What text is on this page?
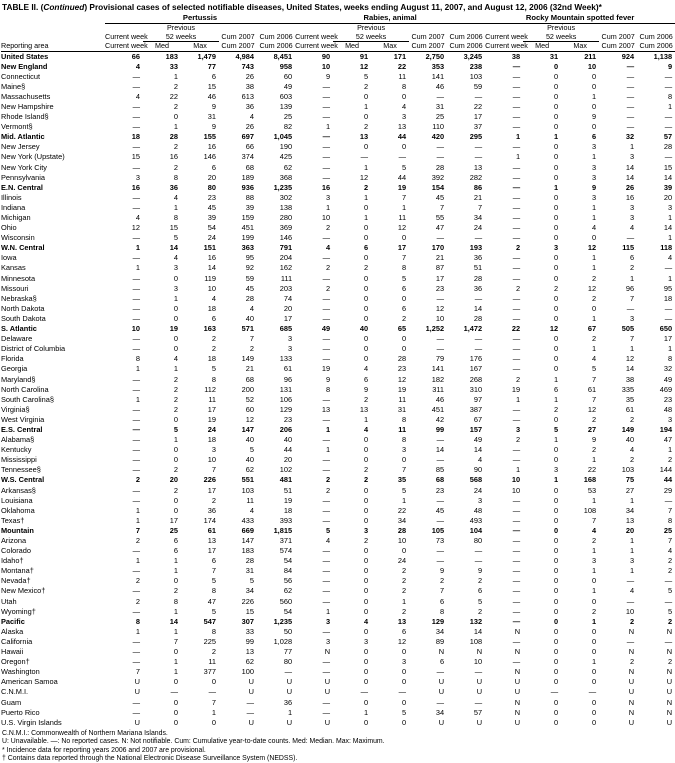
TABLE II. (Continued) Provisional cases of selected notifiable diseases, United States, weeks ending August 11, 2007, and August 12, 2006 (32nd Week)*
	Pertussis					Rabies, animal					Rocky Mountain spotted fever				
		Previous					Previous					Previous			
	Current week	52 weeks		Cum 2007	Cum 2006	Current week	52 weeks		Cum 2007	Cum 2006	Current week	52 weeks		Cum 2007	Cum 2006
Reporting area	Current week	Med	Max	Cum 2007	Cum 2006	Current week	Med	Max	Cum 2007	Cum 2006	Current week	Med	Max	Cum 2007	Cum 2006
United States	66	183	1,479	4,984	8,451	90	91	171	2,750	3,245	38	31	211	924	1,138
New England	4	33	77	743	958	10	12	22	353	238	—	0	10	—	9
Connecticut	—	1	6	26	60	9	5	11	141	103	—	0	0	—	—
Maine§	—	2	15	38	49	—	2	8	46	59	—	0	0	—	—
Massachusetts	4	22	46	613	603	—	0	0	—	—	—	0	1	—	8
New Hampshire	—	2	9	36	139	—	1	4	31	22	—	0	0	—	1
Rhode Island§	—	0	31	4	25	—	0	3	25	17	—	0	9	—	—
Vermont§	—	1	9	26	82	1	2	13	110	37	—	0	0	—	—
Mid. Atlantic	18	28	155	697	1,045	—	13	44	420	295	1	1	6	32	57
New Jersey	—	2	16	66	190	—	0	0	—	—	—	0	3	1	28
New York (Upstate)	15	16	146	374	425	—	—	—	—	—	1	0	1	3	—
New York City	—	2	6	68	62	—	1	5	28	13	—	0	3	14	15
Pennsylvania	3	8	20	189	368	—	12	44	392	282	—	0	3	14	14
E.N. Central	16	36	80	936	1,235	16	2	19	154	86	—	1	9	26	39
Illinois	—	4	23	88	302	3	1	7	45	21	—	0	3	16	20
Indiana	—	1	45	39	138	1	0	1	7	7	—	0	1	3	3
Michigan	4	8	39	159	280	10	1	11	55	34	—	0	1	3	1
Ohio	12	15	54	451	369	2	0	12	47	24	—	0	4	4	14
Wisconsin	—	5	24	199	146	—	0	0	—	—	—	0	0	—	1
W.N. Central	1	14	151	363	791	4	6	17	170	193	2	3	12	115	118
Iowa	—	4	16	95	204	—	0	7	21	36	—	0	1	6	4
Kansas	1	3	14	92	162	2	2	8	87	51	—	0	1	2	—
Minnesota	—	0	119	59	111	—	0	5	17	28	—	0	2	1	1
Missouri	—	3	10	45	203	2	0	6	23	36	2	2	12	96	95
Nebraska§	—	1	4	28	74	—	0	0	—	—	—	0	2	7	18
North Dakota	—	0	18	4	20	—	0	6	12	14	—	0	0	—	—
South Dakota	—	0	6	40	17	—	0	2	10	28	—	0	1	3	—
S. Atlantic	10	19	163	571	685	49	40	65	1,252	1,472	22	12	67	505	650
Delaware	—	0	2	7	3	—	0	0	—	—	—	0	2	7	17
District of Columbia	—	0	2	2	3	—	0	0	—	—	—	0	1	1	1
Florida	8	4	18	149	133	—	0	28	79	176	—	0	4	12	8
Georgia	1	1	5	21	61	19	4	23	141	167	—	0	5	14	32
Maryland§	—	2	8	68	96	9	6	12	182	268	2	1	7	38	49
North Carolina	—	2	112	200	131	8	9	19	311	310	19	6	61	335	469
South Carolina§	1	2	11	52	106	—	2	11	46	97	1	1	7	35	23
Virginia§	—	2	17	60	129	13	13	31	451	387	—	2	12	61	48
West Virginia	—	0	19	12	23	—	1	8	42	67	—	0	2	2	3
E.S. Central	—	5	24	147	206	1	4	11	99	157	3	5	27	149	194
Alabama§	—	1	18	40	40	—	0	8	—	49	2	1	9	40	47
Kentucky	—	0	3	5	44	1	0	3	14	14	—	0	2	4	1
Mississippi	—	0	10	40	20	—	0	0	—	4	—	0	1	2	2
Tennessee§	—	2	7	62	102	—	2	7	85	90	1	3	22	103	144
W.S. Central	2	20	226	551	481	2	2	35	68	568	10	1	168	75	44
Arkansas§	—	2	17	103	51	2	0	5	23	24	10	0	53	27	29
Louisiana	—	0	2	11	19	—	0	1	—	3	—	0	1	1	—
Oklahoma	1	0	36	4	18	—	0	22	45	48	—	0	108	34	7
Texas†	1	17	174	433	393	—	0	34	—	493	—	0	7	13	8
Mountain	7	25	61	669	1,815	5	3	28	105	104	—	0	4	20	25
Arizona	2	6	13	147	371	4	2	10	73	80	—	0	2	1	7
Colorado	—	6	17	183	574	—	0	0	—	—	—	0	1	1	4
Idaho†	1	1	6	28	54	—	0	24	—	—	—	0	3	3	2
Montana†	—	1	7	31	84	—	0	2	9	9	—	0	1	1	2
Nevada†	2	0	5	5	56	—	0	2	2	2	—	0	0	—	—
New Mexico†	—	2	8	34	62	—	0	2	7	6	—	0	1	4	5
Utah	2	8	47	226	560	—	0	1	6	5	—	0	0	—	—
Wyoming†	—	1	5	15	54	1	0	2	8	2	—	0	2	10	5
Pacific	8	14	547	307	1,235	3	4	13	129	132	—	0	1	2	2
Alaska	1	1	8	33	50	—	0	6	34	14	N	0	0	N	N
California	—	7	225	99	1,028	3	3	12	89	108	—	0	0	—	—
Hawaii	—	0	2	13	77	N	0	0	N	N	N	0	0	N	N
Oregon†	—	1	11	62	80	—	0	3	6	10	—	0	1	2	2
Washington	7	1	377	100	—	—	0	0	—	—	N	0	0	N	N
American Samoa	U	0	0	U	U	U	0	0	U	U	U	0	0	U	U
C.N.M.I.	U	—	—	U	U	U	—	—	U	U	U	—	—	U	U
Guam	—	0	7	—	36	—	0	0	—	—	N	0	0	N	N
Puerto Rico	—	0	1	—	1	—	1	5	34	57	N	0	0	N	N
U.S. Virgin Islands	U	0	0	U	U	U	0	0	U	U	U	0	0	U	U
C.N.M.I.: Commonwealth of Northern Mariana Islands.
U: Unavailable. —: No reported cases. N: Not notifiable. Cum: Cumulative year-to-date counts. Med: Median. Max: Maximum.
* Incidence data for reporting years 2006 and 2007 are provisional.
† Contains data reported through the National Electronic Disease Surveillance System (NEDSS).
